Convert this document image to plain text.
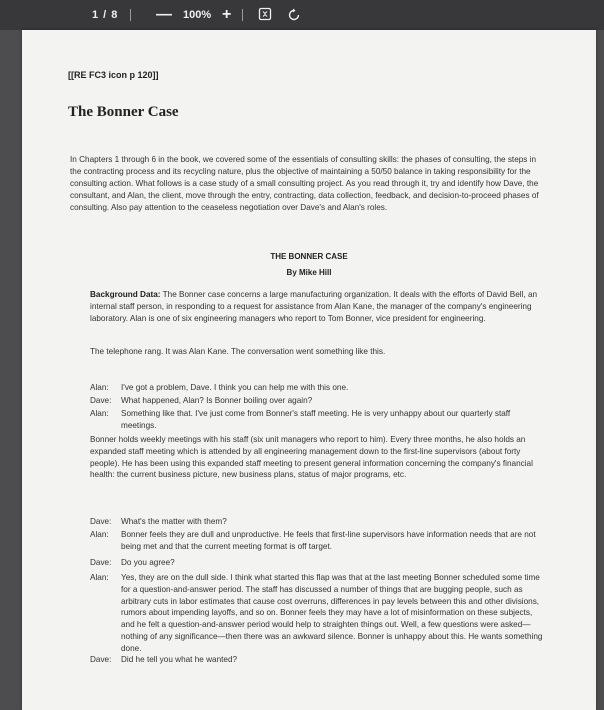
1 / 8 — 100% +
[[RE FC3 icon p 120]]
The Bonner Case
In Chapters 1 through 6 in the book, we covered some of the essentials of consulting skills: the phases of consulting, the steps in the contracting process and its recycling nature, plus the objective of maintaining a 50/50 balance in taking responsibility for the consulting action. What follows is a case study of a small consulting project. As you read through it, try and identify how Dave, the consultant, and Alan, the client, move through the entry, contracting, data collection, feedback, and decision-to-proceed phases of consulting. Also pay attention to the ceaseless negotiation over Dave's and Alan's roles.
THE BONNER CASE
By Mike Hill
Background Data: The Bonner case concerns a large manufacturing organization. It deals with the efforts of David Bell, an internal staff person, in responding to a request for assistance from Alan Kane, the manager of the company's engineering laboratory. Alan is one of six engineering managers who report to Tom Bonner, vice president for engineering.
The telephone rang. It was Alan Kane. The conversation went something like this.
Alan:	I've got a problem, Dave. I think you can help me with this one.
Dave:	What happened, Alan? Is Bonner boiling over again?
Alan:	Something like that. I've just come from Bonner's staff meeting. He is very unhappy about our quarterly staff meetings.
Bonner holds weekly meetings with his staff (six unit managers who report to him). Every three months, he also holds an expanded staff meeting which is attended by all engineering management down to the first-line supervisors (about forty people). He has been using this expanded staff meeting to present general information concerning the company's financial health: the current business picture, new business plans, status of major programs, etc.
Dave:	What's the matter with them?
Alan:	Bonner feels they are dull and unproductive. He feels that first-line supervisors have information needs that are not being met and that the current meeting format is off target.
Dave:	Do you agree?
Alan:	Yes, they are on the dull side. I think what started this flap was that at the last meeting Bonner scheduled some time for a question-and-answer period. The staff has discussed a number of things that are bugging people, such as arbitrary cuts in labor estimates that cause cost overruns, differences in pay levels between this and other divisions, rumors about impending layoffs, and so on. Bonner feels they may have a lot of misinformation on these subjects, and he felt a question-and-answer period would help to straighten things out. Well, a few questions were asked—nothing of any significance—then there was an awkward silence. Bonner is unhappy about this. He wants something done.
Dave:	Did he tell you what he wanted?
